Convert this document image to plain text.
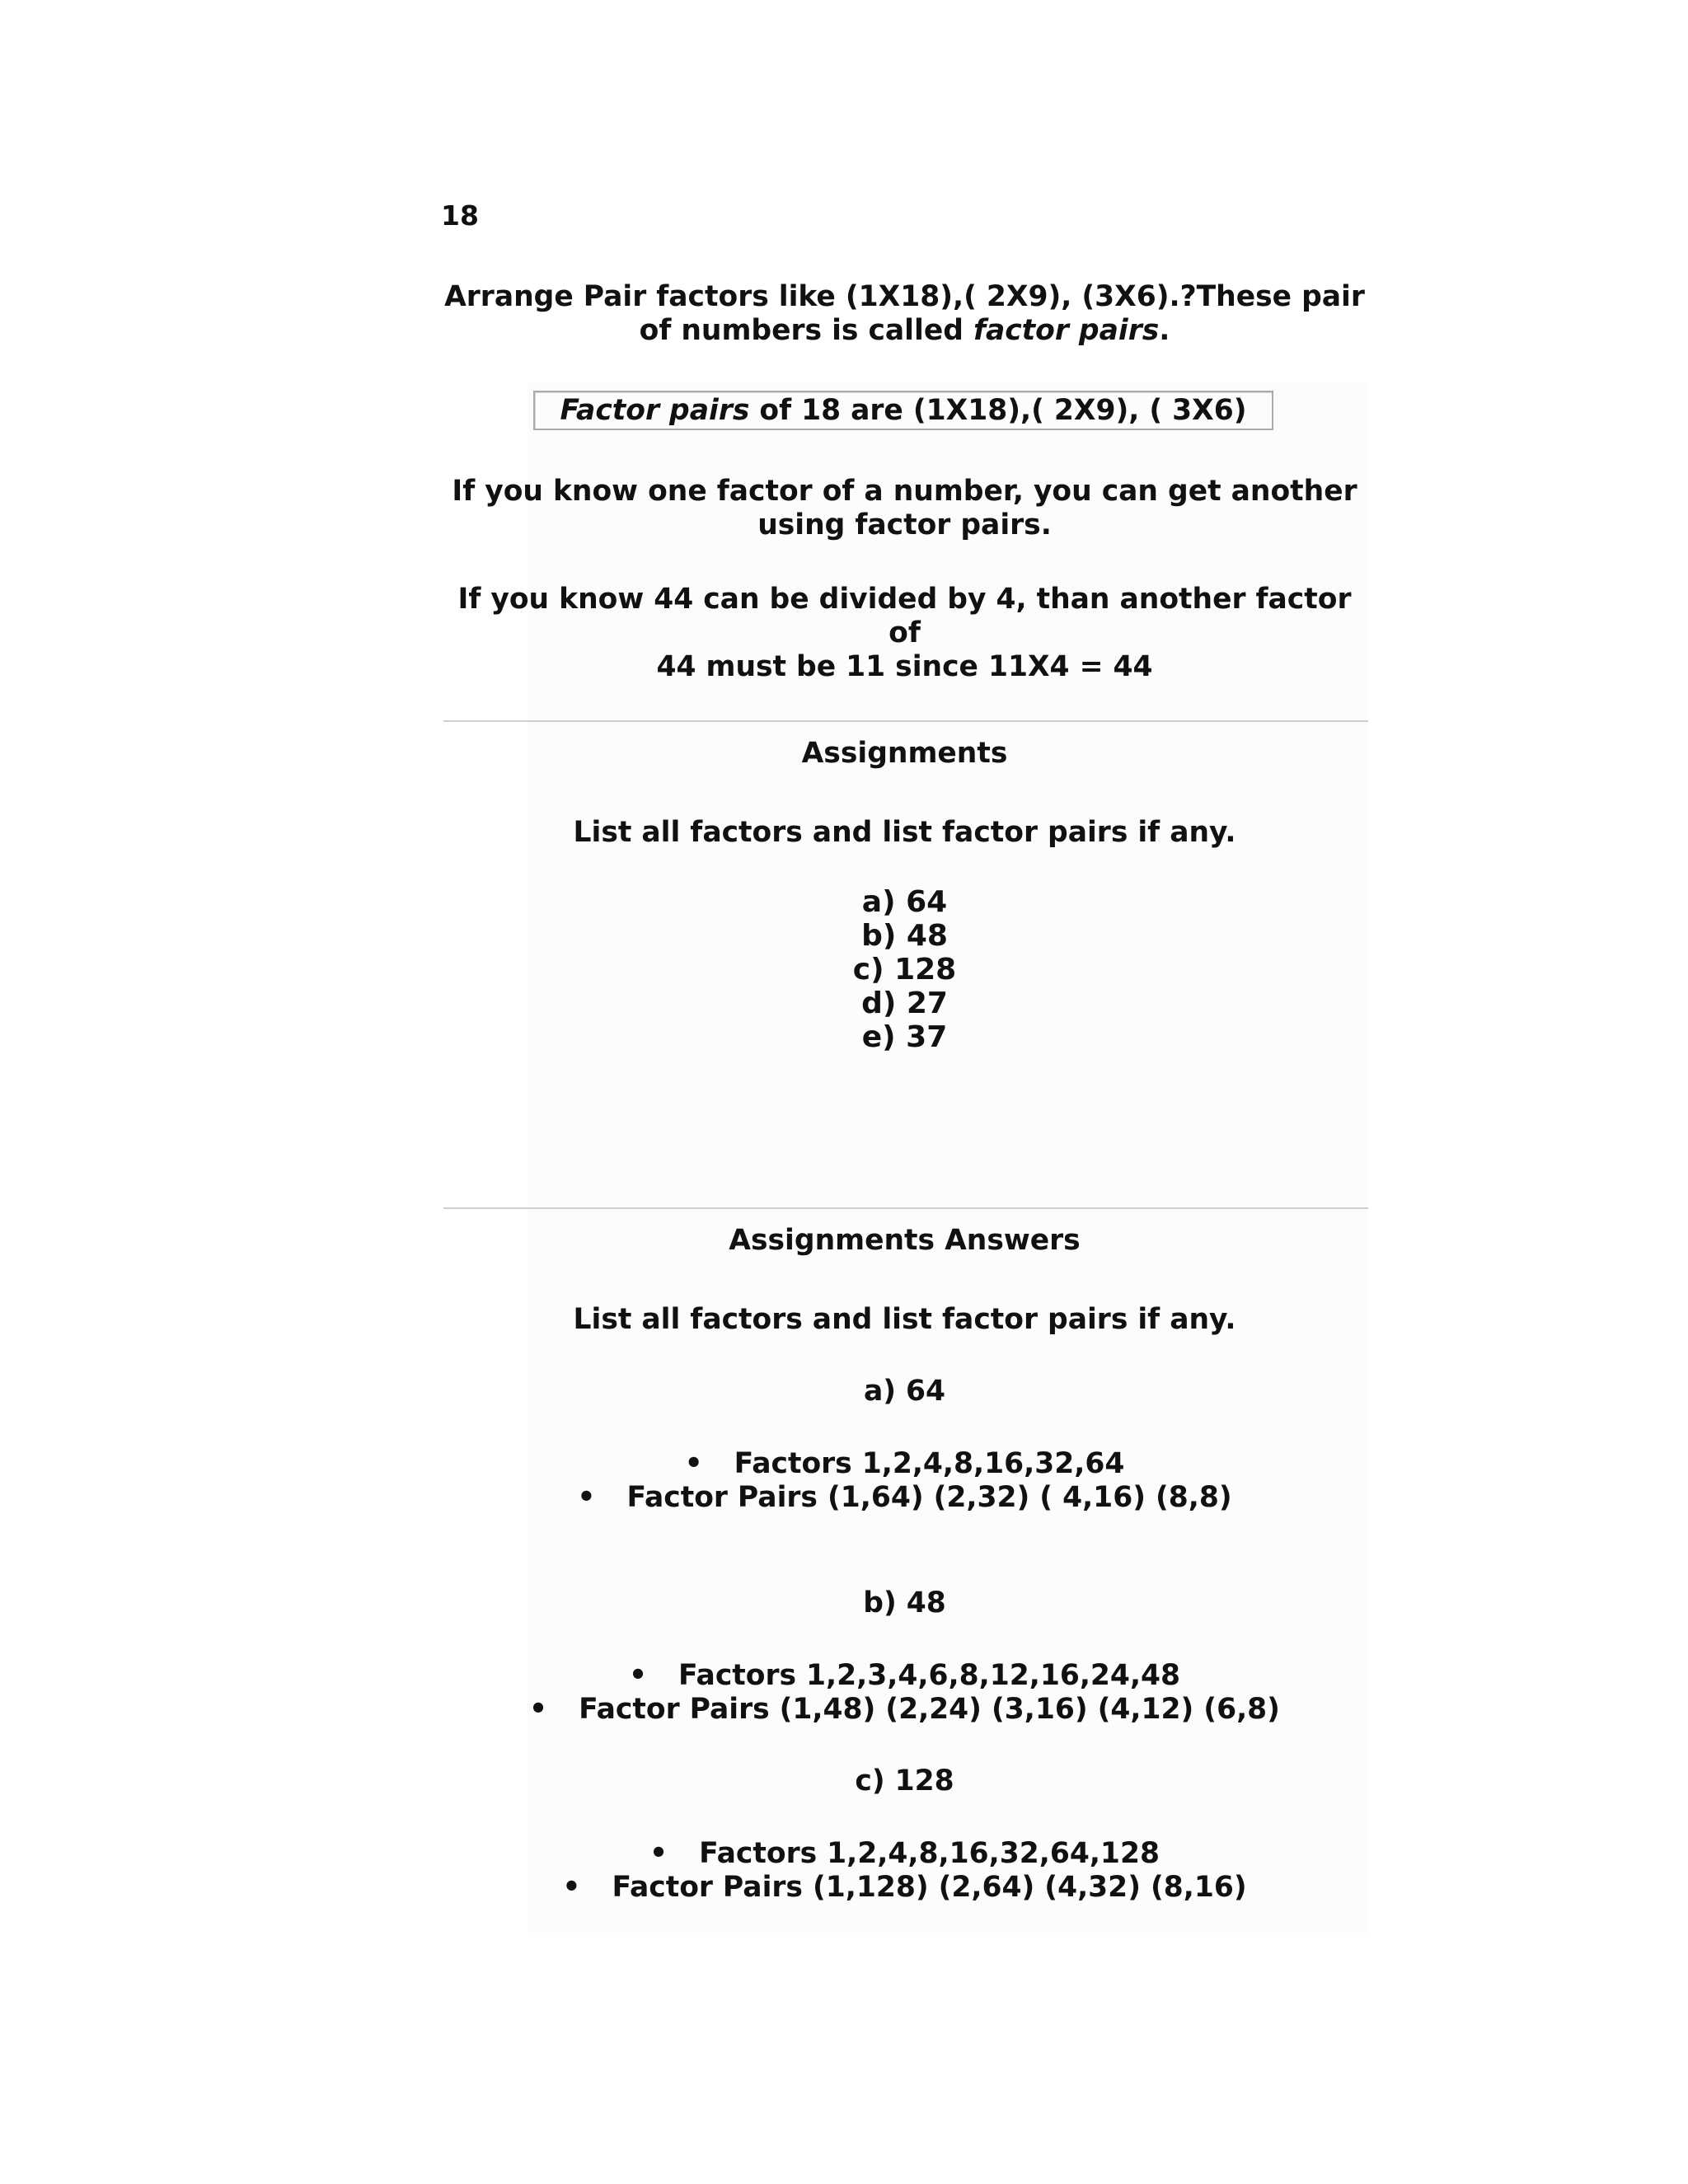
18

Arrange Pair factors like (1X18),( 2X9), (3X6).?These pair
of numbers is called factor pairs.

Factor pairs of 18 are (1X18),( 2X9), ( 3X6)

If you know one factor of a number, you can get another
using factor pairs.

If you know 44 can be divided by 4, than another factor of
44 must be 11 since 11X4 = 44

Assignments

List all factors and list factor pairs if any.

a) 64
b) 48
c) 128
d) 27
e) 37

Assignments Answers

List all factors and list factor pairs if any.

a) 64

• Factors 1,2,4,8,16,32,64
• Factor Pairs (1,64) (2,32) ( 4,16) (8,8)

b) 48

• Factors 1,2,3,4,6,8,12,16,24,48
• Factor Pairs (1,48) (2,24) (3,16) (4,12) (6,8)

c) 128

• Factors 1,2,4,8,16,32,64,128
• Factor Pairs (1,128) (2,64) (4,32) (8,16)
